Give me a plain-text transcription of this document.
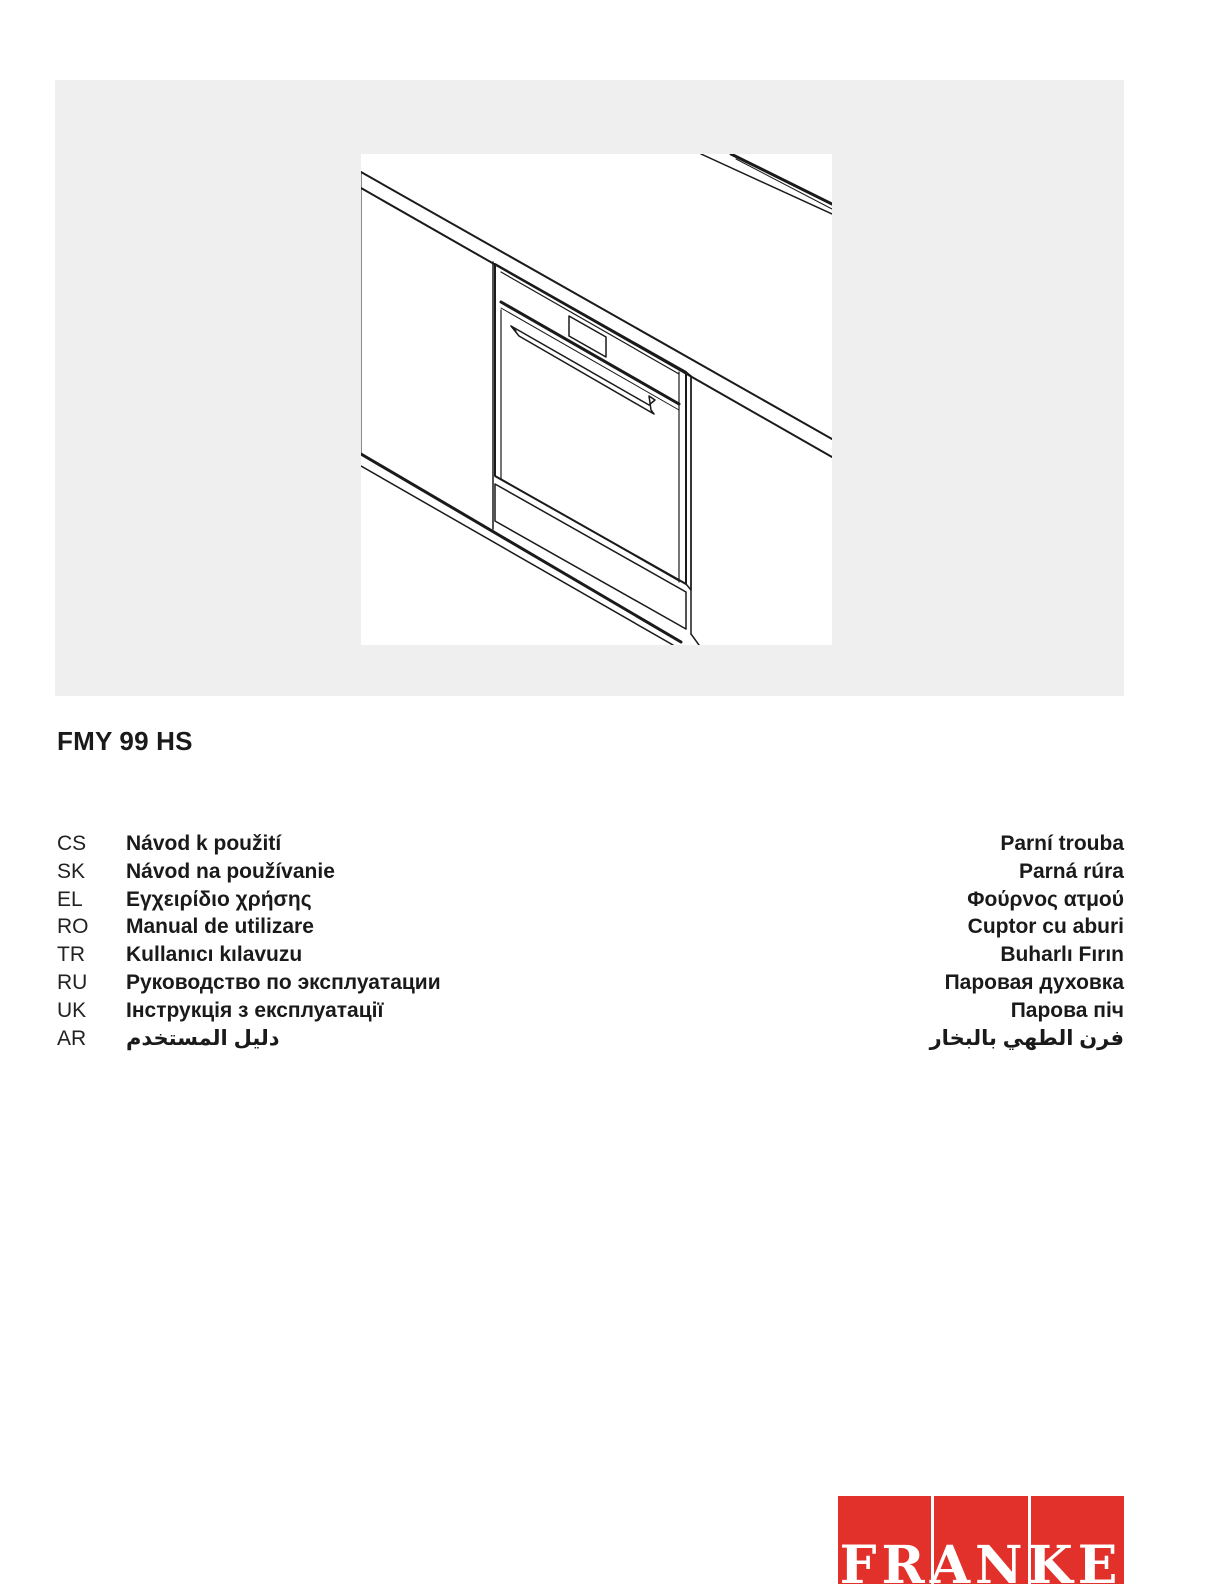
FMY 99 HS
CS Návod k použití	Parní trouba
SK Návod na používanie	Parná rúra
EL Εγχειρίδιο χρήσης	Φούρνος ατμού
RO Manual de utilizare	Cuptor cu aburi
TR Kullanıcı kılavuzu	Buharlı Fırın
RU Руководство по эксплуатации	Паровая духовка
UK Інструкція з експлуатації	Парова піч
AR دليل المستخدم	فرن الطهي بالبخار
FRANKE
